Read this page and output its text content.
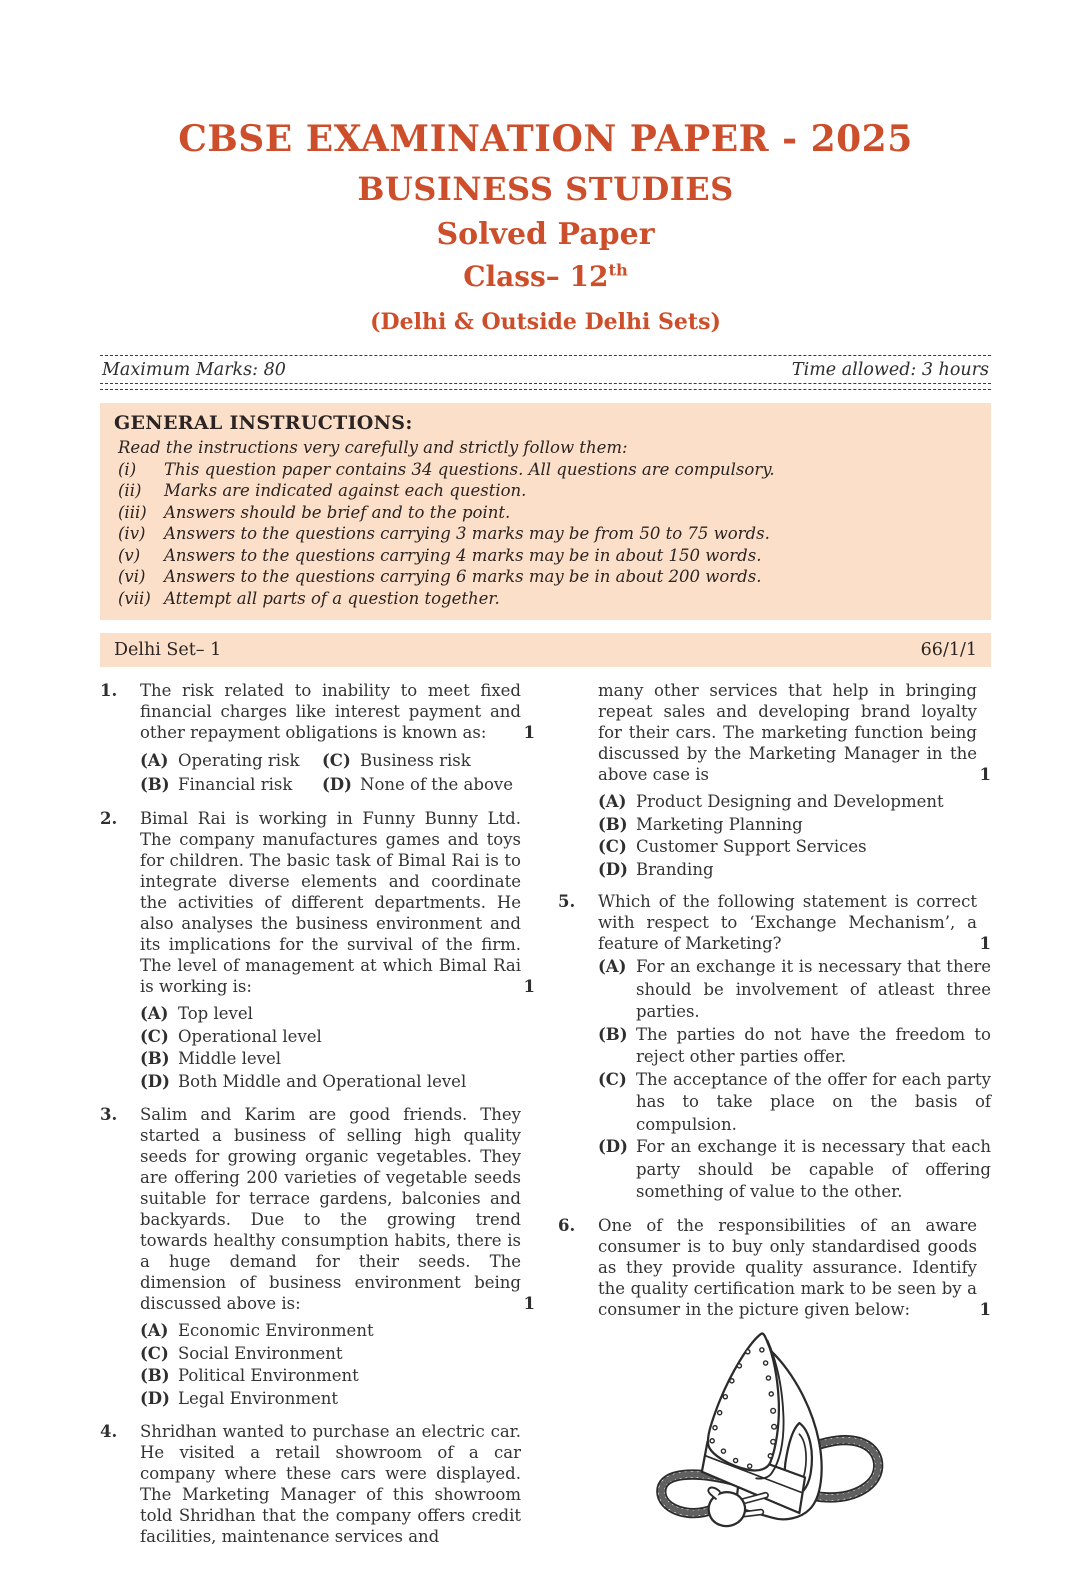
CBSE EXAMINATION PAPER - 2025
BUSINESS STUDIES
Solved Paper
Class– 12th
(Delhi & Outside Delhi Sets)
Maximum Marks: 80	Time allowed: 3 hours
GENERAL INSTRUCTIONS:
Read the instructions very carefully and strictly follow them:
(i)	This question paper contains 34 questions. All questions are compulsory.
(ii)	Marks are indicated against each question.
(iii)	Answers should be brief and to the point.
(iv)	Answers to the questions carrying 3 marks may be from 50 to 75 words.
(v)	Answers to the questions carrying 4 marks may be in about 150 words.
(vi)	Answers to the questions carrying 6 marks may be in about 200 words.
(vii) Attempt all parts of a question together.
Delhi Set– 1	66/1/1
1.	The risk related to inability to meet fixed financial charges like interest payment and other repayment obligations is known as: 1
(A) Operating risk	(C) Business risk
(B) Financial risk	(D) None of the above
2.	Bimal Rai is working in Funny Bunny Ltd. The company manufactures games and toys for children. The basic task of Bimal Rai is to integrate diverse elements and coordinate the activities of different departments. He also analyses the business environment and its implications for the survival of the firm. The level of management at which Bimal Rai is working is:	1
(A) Top level
(C) Operational level
(B) Middle level
(D) Both Middle and Operational level
3.	Salim and Karim are good friends. They started a business of selling high quality seeds for growing organic vegetables. They are offering 200 varieties of vegetable seeds suitable for terrace gardens, balconies and backyards. Due to the growing trend towards healthy consumption habits, there is a huge demand for their seeds. The dimension of business environment being discussed above is:	1
(A) Economic Environment
(C) Social Environment
(B) Political Environment
(D) Legal Environment
4.	Shridhan wanted to purchase an electric car. He visited a retail showroom of a car company where these cars were displayed. The Marketing Manager of this showroom told Shridhan that the company offers credit facilities, maintenance services and
many other services that help in bringing repeat sales and developing brand loyalty for their cars. The marketing function being discussed by the Marketing Manager in the above case is	1
(A) Product Designing and Development
(B) Marketing Planning
(C) Customer Support Services
(D) Branding
5.	Which of the following statement is correct with respect to ‘Exchange Mechanism’, a feature of Marketing?	1
(A) For an exchange it is necessary that there should be involvement of atleast three parties.
(B) The parties do not have the freedom to reject other parties offer.
(C) The acceptance of the offer for each party has to take place on the basis of compulsion.
(D) For an exchange it is necessary that each party should be capable of offering something of value to the other.
6.	One of the responsibilities of an aware consumer is to buy only standardised goods as they provide quality assurance. Identify the quality certification mark to be seen by a consumer in the picture given below:	1
